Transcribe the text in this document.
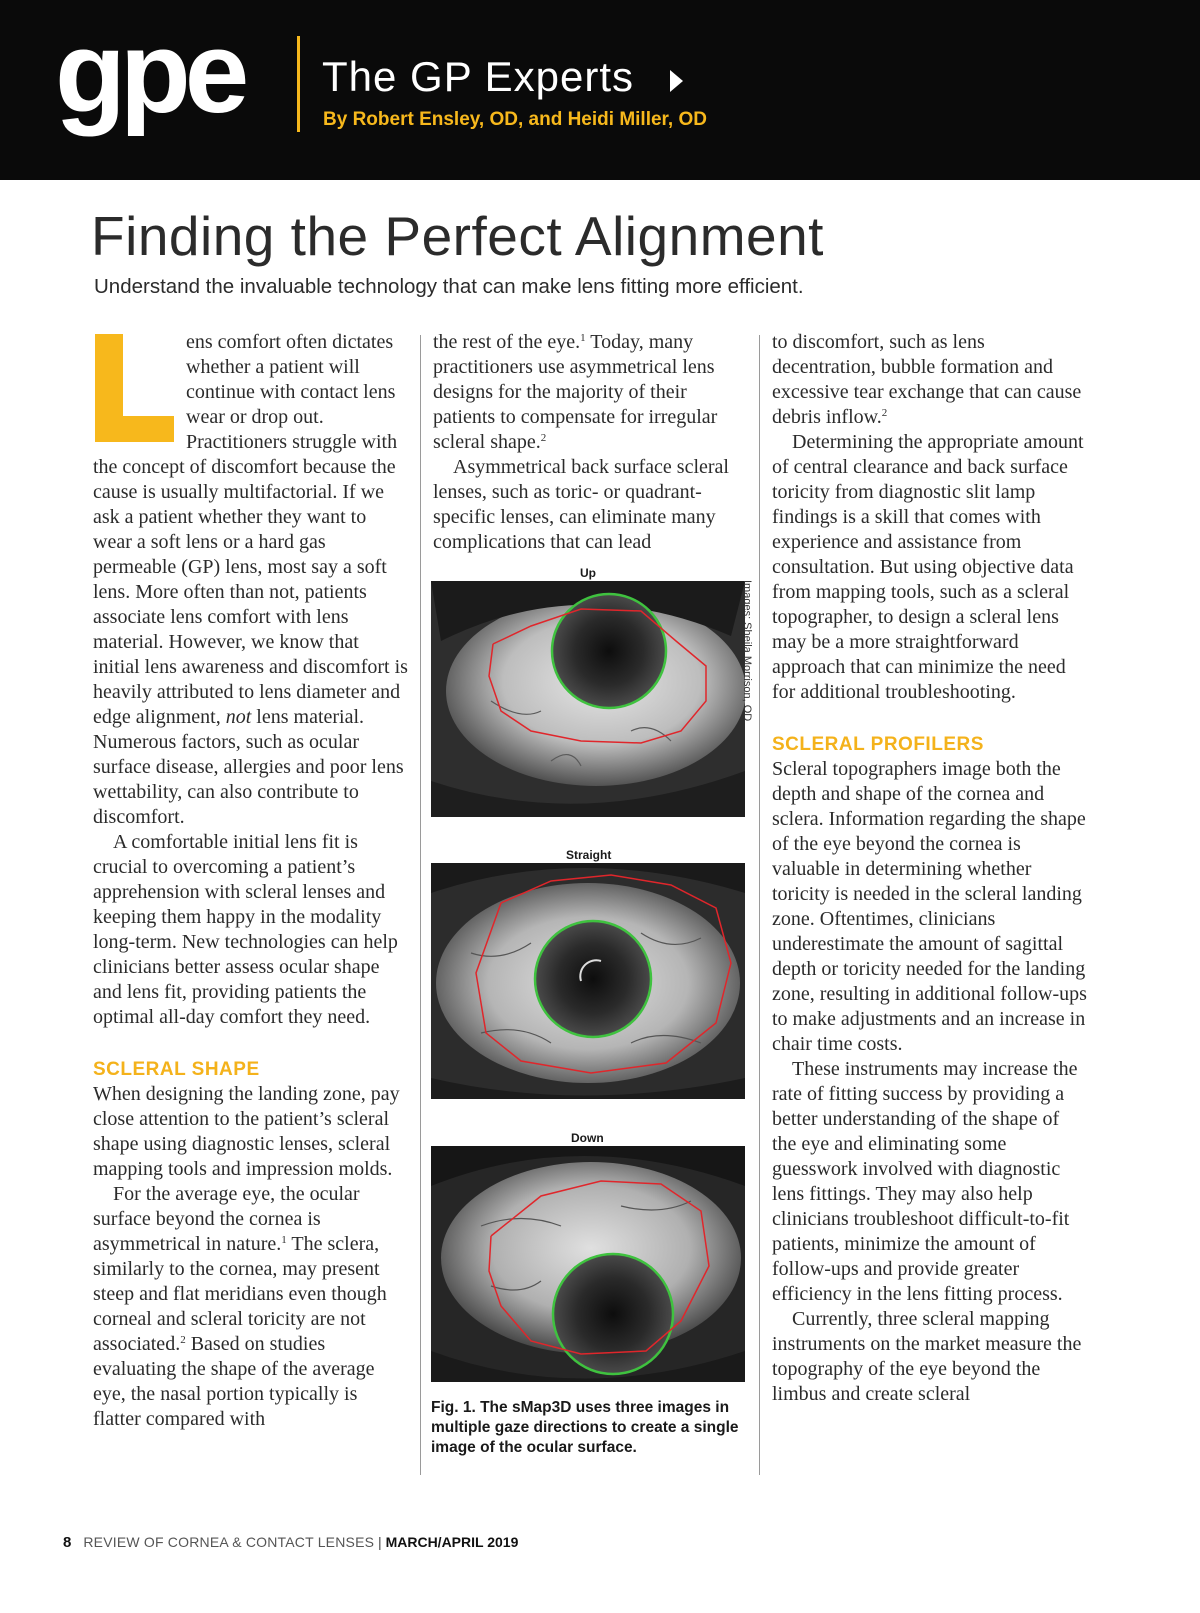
gpe The GP Experts
By Robert Ensley, OD, and Heidi Miller, OD
Finding the Perfect Alignment
Understand the invaluable technology that can make lens fitting more efficient.

ens comfort often dictates whether a patient will continue with contact lens wear or drop out. Practitioners struggle with the concept of discomfort because the cause is usually multifactorial. If we ask a patient whether they want to wear a soft lens or a hard gas permeable (GP) lens, most say a soft lens. More often than not, patients associate lens comfort with lens material. However, we know that initial lens awareness and discomfort is heavily attributed to lens diameter and edge alignment, not lens material. Numerous factors, such as ocular surface disease, allergies and poor lens wettability, can also contribute to discomfort.

A comfortable initial lens fit is crucial to overcoming a patient’s apprehension with scleral lenses and keeping them happy in the modality long-term. New technologies can help clinicians better assess ocular shape and lens fit, providing patients the optimal all-day comfort they need.

SCLERAL SHAPE

When designing the landing zone, pay close attention to the patient’s scleral shape using diagnostic lenses, scleral mapping tools and impression molds.

For the average eye, the ocular surface beyond the cornea is asymmetrical in nature.$^1$ The sclera, similarly to the cornea, may present steep and flat meridians even though corneal and scleral toricity are not associated.$^2$ Based on studies evaluating the shape of the average eye, the nasal portion typically is flatter compared with

the rest of the eye.$^1$ Today, many practitioners use asymmetrical lens designs for the majority of their patients to compensate for irregular scleral shape.$^2$

Asymmetrical back surface scleral lenses, such as toric- or quadrant-specific lenses, can eliminate many complications that can lead

Up
Images: Sheila Morrison, OD
Straight
Down
Fig. 1. The sMap3D uses three images in multiple gaze directions to create a single image of the ocular surface.

to discomfort, such as lens decentration, bubble formation and excessive tear exchange that can cause debris inflow.$^2$

Determining the appropriate amount of central clearance and back surface toricity from diagnostic slit lamp findings is a skill that comes with experience and assistance from consultation. But using objective data from mapping tools, such as a scleral topographer, to design a scleral lens may be a more straightforward approach that can minimize the need for additional troubleshooting.

SCLERAL PROFILERS

Scleral topographers image both the depth and shape of the cornea and sclera. Information regarding the shape of the eye beyond the cornea is valuable in determining whether toricity is needed in the scleral landing zone. Oftentimes, clinicians underestimate the amount of sagittal depth or toricity needed for the landing zone, resulting in additional follow-ups to make adjustments and an increase in chair time costs.

These instruments may increase the rate of fitting success by providing a better understanding of the shape of the eye and eliminating some guesswork involved with diagnostic lens fittings. They may also help clinicians troubleshoot difficult-to-fit patients, minimize the amount of follow-ups and provide greater efficiency in the lens fitting process.

Currently, three scleral mapping instruments on the market measure the topography of the eye beyond the limbus and create scleral

8 REVIEW OF CORNEA & CONTACT LENSES | MARCH/APRIL 2019
